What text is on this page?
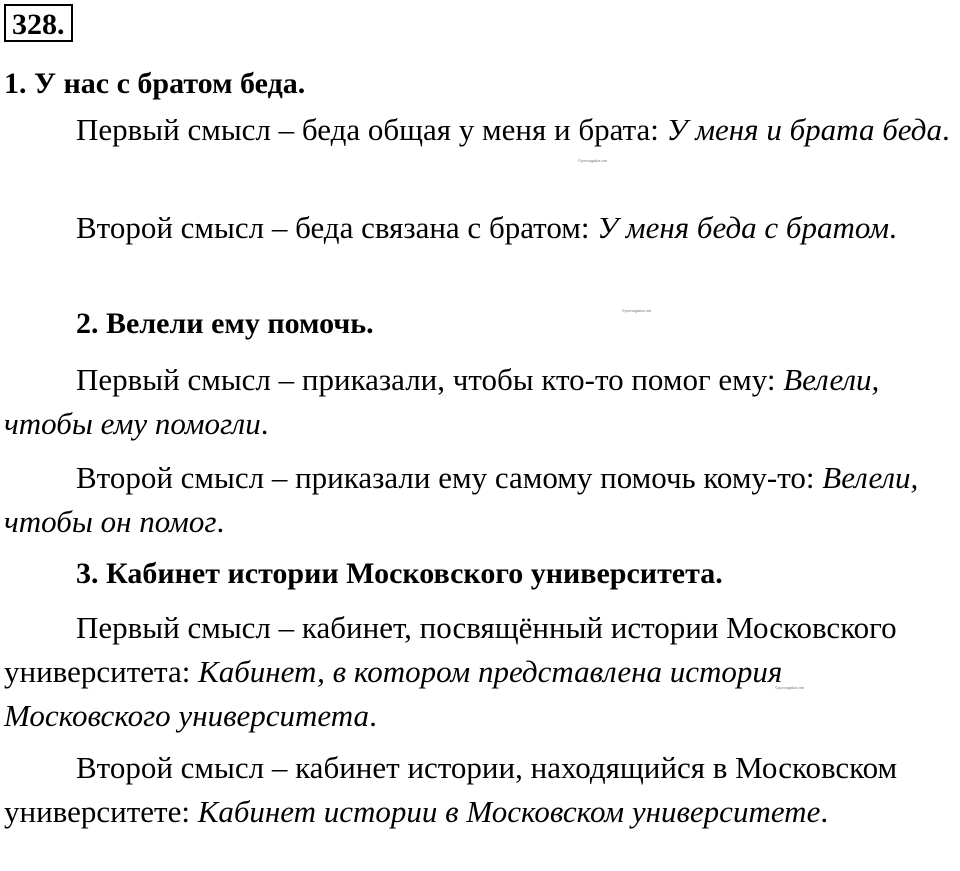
328.
1. У нас с братом беда.
Первый смысл – беда общая у меня и брата: У меня и брата беда.
Второй смысл – беда связана с братом: У меня беда с братом.
2. Велели ему помочь.
Первый смысл – приказали, чтобы кто-то помог ему: Велели, чтобы ему помогли.
Второй смысл – приказали ему самому помочь кому-то: Велели, чтобы он помог.
3. Кабинет истории Московского университета.
Первый смысл – кабинет, посвящённый истории Московского университета: Кабинет, в котором представлена история Московского университета.
Второй смысл – кабинет истории, находящийся в Московском университете: Кабинет истории в Московском университете.
©pomogalka.me
©pomogalka.me
©pomogalka.me
